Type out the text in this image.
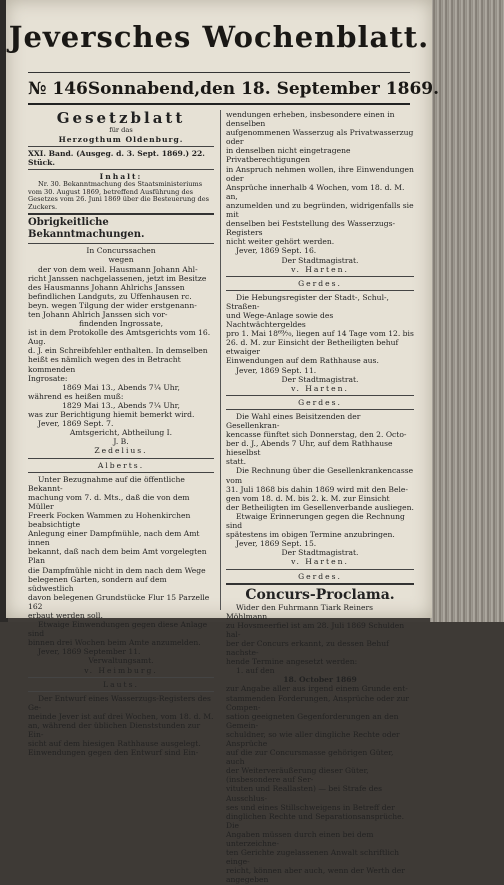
Jeversches Wochenblatt.
№ 146 Sonnabend, den 18. September 1869.
Gesetzblatt
für das
Herzogthum Oldenburg.
XXI. Band. (Ausgeg. d. 3. Sept. 1869.) 22. Stück.
Inhalt:
Nr. 30. Bekanntmachung des Staatsministeriums vom 30. August 1869, betreffend Ausführung des Gesetzes vom 26. Juni 1869 über die Besteuerung des Zuckers.
Obrigkeitliche Bekanntmachungen.

In Concurssachen

wegen

der von dem weil. Hausmann Johann Ahl-

richt Janssen nachgelassenen, jetzt im Besitze

des Hausmanns Johann Ahlrichs Janssen

befindlichen Landguts, zu Uffenhausen rc.

beyn. wegen Tilgung der wider erstgenann-

ten Johann Ahlrich Janssen sich vor-

findenden Ingrossate,

ist in dem Protokolle des Amtsgerichts vom 16. Aug.

d. J. ein Schreibfehler enthalten. In demselben

heißt es nämlich wegen des in Betracht kommenden

Ingrosate:

1869 Mai 13., Abends 7¼ Uhr,

während es heißen muß:

1829 Mai 13., Abends 7¼ Uhr,

was zur Berichtigung hiemit bemerkt wird.

Jever, 1869 Sept. 7.

Amtsgericht, Abtheilung I.

J. B.

Zedelius.

Alberts.

Unter Bezugnahme auf die öffentliche Bekannt-

machung vom 7. d. Mts., daß die von dem Müller

Freerk Focken Wammen zu Hohenkirchen beabsichtigte

Anlegung einer Dampfmühle, nach dem Amt innen

bekannt, daß nach dem beim Amt vorgelegten Plan

die Dampfmühle nicht in dem nach dem Wege

belegenen Garten, sondern auf dem südwestlich

davon belegenen Grundstücke Flur 15 Parzelle 162

erbaut werden soll.

Etwaige Einwendungen gegen diese Anlage sind

binnen drei Wochen beim Amte anzumelden.

Jever, 1869 September 11.

Verwaltungsamt.

v. Heimburg.

Lauts.

Der Entwurf eines Wasserzugs-Registers des Ge-

meinde Jever ist auf drei Wochen, vom 18. d. M.

an, während der üblichen Dienststunden zur Ein-

sicht auf dem hiesigen Rathhause ausgelegt.

Einwendungen gegen den Entwurf sind Ein-

wendungen erheben, insbesondere einen in denselben

aufgenommenen Wasserzug als Privatwasserzug oder

in denselben nicht eingetragene Privatberechtigungen

in Anspruch nehmen wollen, ihre Einwendungen oder

Ansprüche innerhalb 4 Wochen, vom 18. d. M. an,

anzumelden und zu begründen, widrigenfalls sie mit

denselben bei Feststellung des Wasserzugs-Registers

nicht weiter gehört werden.

Jever, 1869 Sept. 16.

Der Stadtmagistrat.

v. Harten.

Gerdes.

Die Hebungsregister der Stadt-, Schul-, Straßen-

und Wege-Anlage sowie des Nachtwächtergeldes

pro 1. Mai 18⁶⁹⁄₇₀, liegen auf 14 Tage vom 12. bis

26. d. M. zur Einsicht der Betheiligten behuf etwaiger

Einwendungen auf dem Rathhause aus.

Jever, 1869 Sept. 11.

Der Stadtmagistrat.

v. Harten.

Gerdes.

Die Wahl eines Beisitzenden der Gesellenkran-

kencasse fünftet sich Donnerstag, den 2. Octo-

ber d. J., Abends 7 Uhr, auf dem Rathhause hieselbst

statt.

Die Rechnung über die Gesellenkrankencasse vom

31. Juli 1868 bis dahin 1869 wird mit den Bele-

gen vom 18. d. M. bis 2. k. M. zur Einsicht

der Betheiligten im Gesellenverbande ausliegen.

Etwaige Erinnerungen gegen die Rechnung sind

spätestens im obigen Termine anzubringen.

Jever, 1869 Sept. 15.

Der Stadtmagistrat.

v. Harten.

Gerdes.

Concurs-Proclama.

Wider den Fuhrmann Tiark Reiners Möhlmann

zu Hovsmeerfiel ist am 28. Juli 1869 Schulden hal-

ber der Concurs erkannt, zu dessen Behuf nachste-

hende Termine angesetzt werden:

1. auf den

18. October 1869

zur Angabe aller aus irgend einem Grunde ent-

stammenden Forderungen, Ansprüche oder zur Compen-

sation geeigneten Gegenforderungen an den Gemein-

schuldner, so wie aller dingliche Rechte oder Ansprüche

auf die zur Concursmasse gehörigen Güter, auch

der Weiterveräußerung dieser Güter, (insbesondere auf Ser-

vituten und Reallasten) — bei Strafe des Ausschlus-

ses und eines Stillschweigens in Betreff der

dinglichen Rechte und Separationsansprüche. Die

Angaben müssen durch einen bei dem unterzeichne-

ten Gerichte zugelassenen Anwalt schriftlich einge-

reicht, können aber auch, wenn der Werth der angegeben
